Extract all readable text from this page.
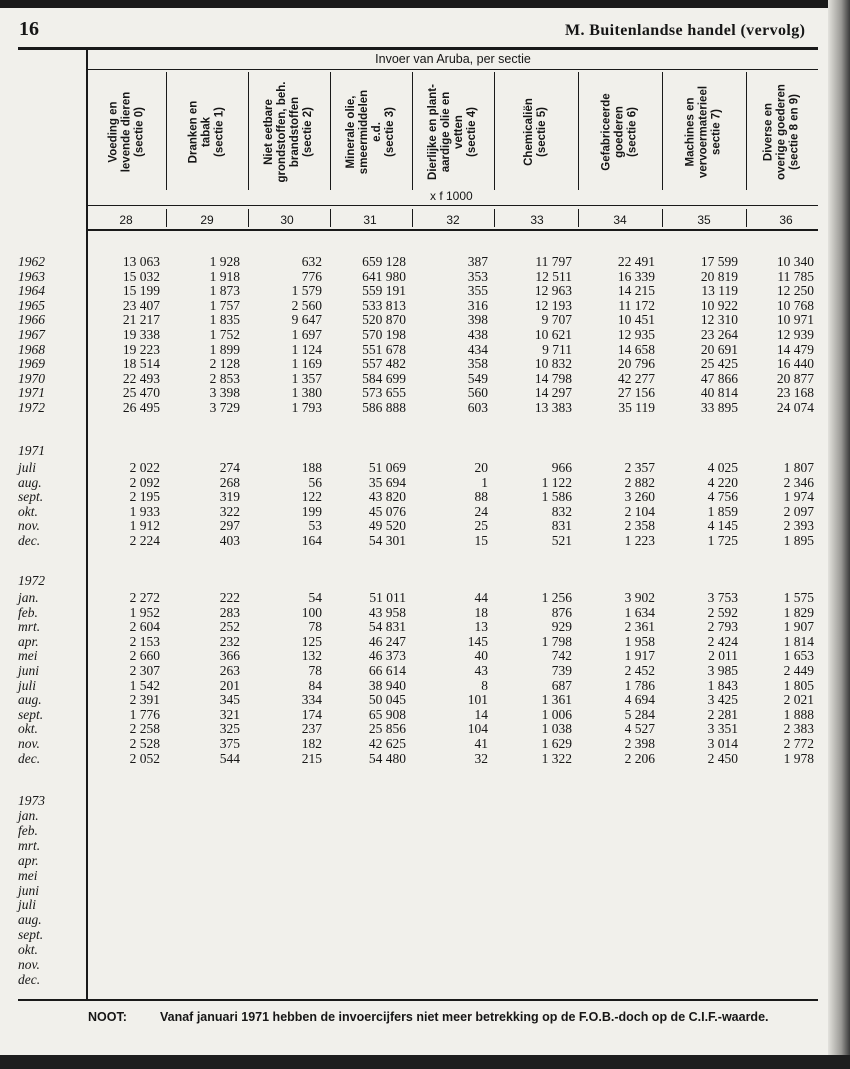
16	M. Buitenlandse handel (vervolg)
Invoer van Aruba, per sectie
x f 1000
Voeding en
levende dieren
(sectie 0)
28
Dranken en
tabak
(sectie 1)
29
Niet eetbare
grondstoffen, beh.
brandstoffen
(sectie 2)
30
Minerale olie,
smeermiddelen
e.d.
(sectie 3)
31
Dierlijke en plant-
aardige olie en
vetten
(sectie 4)
32
Chemicaliën
(sectie 5)
33
Gefabriceerde
goederen
(sectie 6)
34
Machines en
vervoermaterieel
sectie 7)
35
Diverse en
overige goederen
(sectie 8 en 9)
36
1962	13 063	1 928	632	659 128	387	11 797	22 491	17 599	10 340
1963	15 032	1 918	776	641 980	353	12 511	16 339	20 819	11 785
1964	15 199	1 873	1 579	559 191	355	12 963	14 215	13 119	12 250
1965	23 407	1 757	2 560	533 813	316	12 193	11 172	10 922	10 768
1966	21 217	1 835	9 647	520 870	398	9 707	10 451	12 310	10 971
1967	19 338	1 752	1 697	570 198	438	10 621	12 935	23 264	12 939
1968	19 223	1 899	1 124	551 678	434	9 711	14 658	20 691	14 479
1969	18 514	2 128	1 169	557 482	358	10 832	20 796	25 425	16 440
1970	22 493	2 853	1 357	584 699	549	14 798	42 277	47 866	20 877
1971	25 470	3 398	1 380	573 655	560	14 297	27 156	40 814	23 168
1972	26 495	3 729	1 793	586 888	603	13 383	35 119	33 895	24 074
1971
juli	2 022	274	188	51 069	20	966	2 357	4 025	1 807
aug.	2 092	268	56	35 694	1	1 122	2 882	4 220	2 346
sept.	2 195	319	122	43 820	88	1 586	3 260	4 756	1 974
okt.	1 933	322	199	45 076	24	832	2 104	1 859	2 097
nov.	1 912	297	53	49 520	25	831	2 358	4 145	2 393
dec.	2 224	403	164	54 301	15	521	1 223	1 725	1 895
1972
jan.	2 272	222	54	51 011	44	1 256	3 902	3 753	1 575
feb.	1 952	283	100	43 958	18	876	1 634	2 592	1 829
mrt.	2 604	252	78	54 831	13	929	2 361	2 793	1 907
apr.	2 153	232	125	46 247	145	1 798	1 958	2 424	1 814
mei	2 660	366	132	46 373	40	742	1 917	2 011	1 653
juni	2 307	263	78	66 614	43	739	2 452	3 985	2 449
juli	1 542	201	84	38 940	8	687	1 786	1 843	1 805
aug.	2 391	345	334	50 045	101	1 361	4 694	3 425	2 021
sept.	1 776	321	174	65 908	14	1 006	5 284	2 281	1 888
okt.	2 258	325	237	25 856	104	1 038	4 527	3 351	2 383
nov.	2 528	375	182	42 625	41	1 629	2 398	3 014	2 772
dec.	2 052	544	215	54 480	32	1 322	2 206	2 450	1 978
1973
jan.
feb.
mrt.
apr.
mei
juni
juli
aug.
sept.
okt.
nov.
dec.
NOOT:	Vanaf januari 1971 hebben de invoercijfers niet meer betrekking op de F.O.B.-doch op de C.I.F.-waarde.
